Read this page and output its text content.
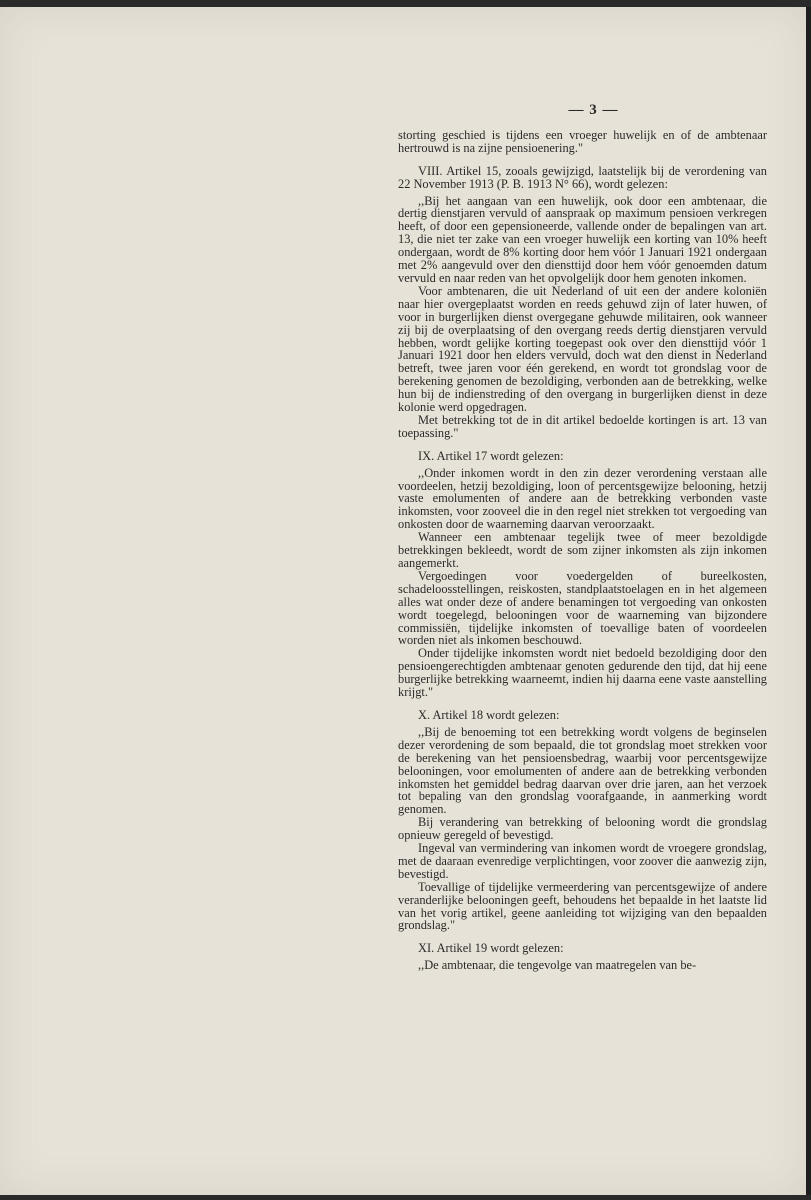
— 3 —

storting geschied is tijdens een vroeger huwelijk en of de ambtenaar hertrouwd is na zijne pensioenering."

VIII. Artikel 15, zooals gewijzigd, laatstelijk bij de verordening van 22 November 1913 (P. B. 1913 N° 66), wordt gelezen:

,,Bij het aangaan van een huwelijk, ook door een ambtenaar, die dertig dienstjaren vervuld of aanspraak op maximum pensioen verkregen heeft, of door een gepensioneerde, vallende onder de bepalingen van art. 13, die niet ter zake van een vroeger huwelijk een korting van 10% heeft ondergaan, wordt de 8% korting door hem vóór 1 Januari 1921 ondergaan met 2% aangevuld over den diensttijd door hem vóór genoemden datum vervuld en naar reden van het opvolgelijk door hem genoten inkomen.

Voor ambtenaren, die uit Nederland of uit een der andere koloniën naar hier overgeplaatst worden en reeds gehuwd zijn of later huwen, of voor in burgerlijken dienst overgegane gehuwde militairen, ook wanneer zij bij de overplaatsing of den overgang reeds dertig dienstjaren vervuld hebben, wordt gelijke korting toegepast ook over den diensttijd vóór 1 Januari 1921 door hen elders vervuld, doch wat den dienst in Nederland betreft, twee jaren voor één gerekend, en wordt tot grondslag voor de berekening genomen de bezoldiging, verbonden aan de betrekking, welke hun bij de indienstreding of den overgang in burgerlijken dienst in deze kolonie werd opgedragen.

Met betrekking tot de in dit artikel bedoelde kortingen is art. 13 van toepassing."

IX. Artikel 17 wordt gelezen:

,,Onder inkomen wordt in den zin dezer verordening verstaan alle voordeelen, hetzij bezoldiging, loon of percentsgewijze belooning, hetzij vaste emolumenten of andere aan de betrekking verbonden vaste inkomsten, voor zooveel die in den regel niet strekken tot vergoeding van onkosten door de waarneming daarvan veroorzaakt.

Wanneer een ambtenaar tegelijk twee of meer bezoldigde betrekkingen bekleedt, wordt de som zijner inkomsten als zijn inkomen aangemerkt.

Vergoedingen voor voedergelden of bureelkosten, schadeloosstellingen, reiskosten, standplaatstoelagen en in het algemeen alles wat onder deze of andere benamingen tot vergoeding van onkosten wordt toegelegd, belooningen voor de waarneming van bijzondere commissiën, tijdelijke inkomsten of toevallige baten of voordeelen worden niet als inkomen beschouwd.

Onder tijdelijke inkomsten wordt niet bedoeld bezoldiging door den pensioengerechtigden ambtenaar genoten gedurende den tijd, dat hij eene burgerlijke betrekking waarneemt, indien hij daarna eene vaste aanstelling krijgt."

X. Artikel 18 wordt gelezen:

,,Bij de benoeming tot een betrekking wordt volgens de beginselen dezer verordening de som bepaald, die tot grondslag moet strekken voor de berekening van het pensioensbedrag, waarbij voor percentsgewijze belooningen, voor emolumenten of andere aan de betrekking verbonden inkomsten het gemiddel bedrag daarvan over drie jaren, aan het verzoek tot bepaling van den grondslag voorafgaande, in aanmerking wordt genomen.

Bij verandering van betrekking of belooning wordt die grondslag opnieuw geregeld of bevestigd.

Ingeval van vermindering van inkomen wordt de vroegere grondslag, met de daaraan evenredige verplichtingen, voor zoover die aanwezig zijn, bevestigd.

Toevallige of tijdelijke vermeerdering van percentsgewijze of andere veranderlijke belooningen geeft, behoudens het bepaalde in het laatste lid van het vorig artikel, geene aanleiding tot wijziging van den bepaalden grondslag."

XI. Artikel 19 wordt gelezen:

,,De ambtenaar, die tengevolge van maatregelen van be-
